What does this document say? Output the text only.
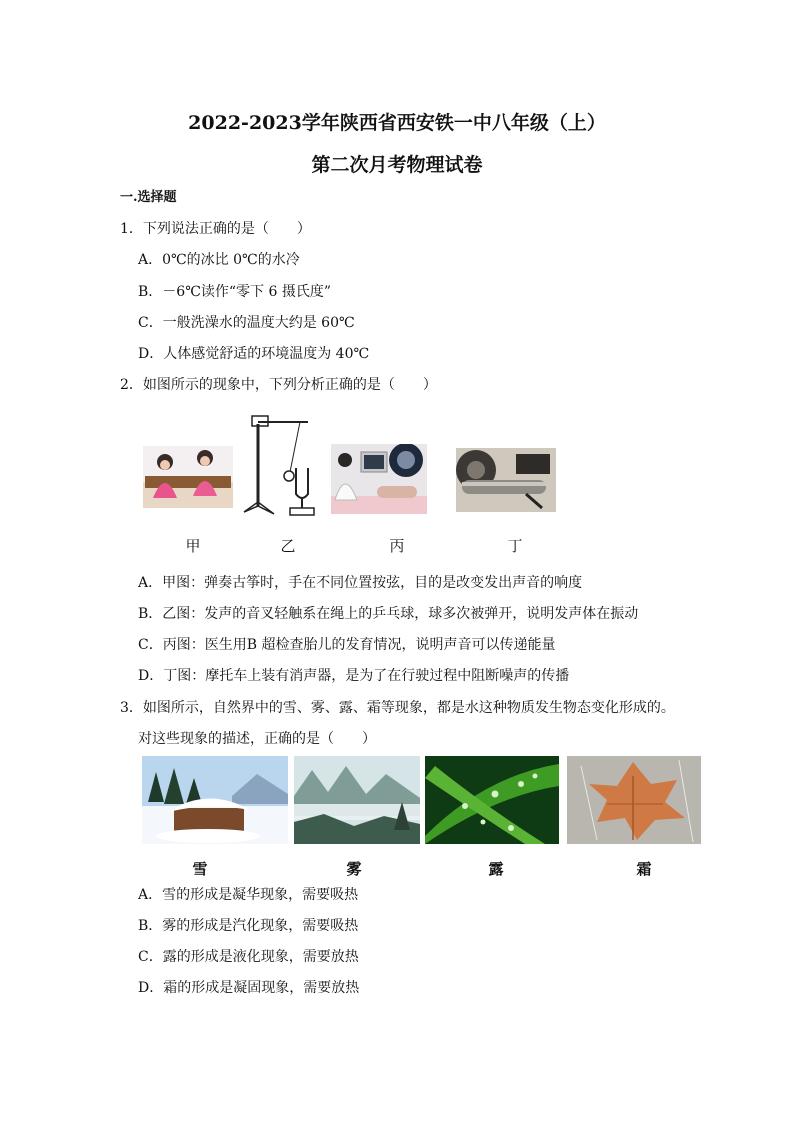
2022-2023学年陕西省西安铁一中八年级（上）
第二次月考物理试卷
一.选择题
1．下列说法正确的是（　　）
A．0℃的冰比 0℃的水冷
B．－6℃读作“零下 6 摄氏度”
C．一般洗澡水的温度大约是 60℃
D．人体感觉舒适的环境温度为 40℃
2．如图所示的现象中，下列分析正确的是（　　）
甲	乙	丙	丁
A．甲图：弹奏古筝时，手在不同位置按弦，目的是改变发出声音的响度
B．乙图：发声的音叉轻触系在绳上的乒乓球，球多次被弹开，说明发声体在振动
C．丙图：医生用B 超检查胎儿的发育情况，说明声音可以传递能量
D．丁图：摩托车上装有消声器，是为了在行驶过程中阻断噪声的传播
3．如图所示，自然界中的雪、雾、露、霜等现象，都是水这种物质发生物态变化形成的。
对这些现象的描述，正确的是（　　）
雪	雾	露	霜
A．雪的形成是凝华现象，需要吸热
B．雾的形成是汽化现象，需要吸热
C．露的形成是液化现象，需要放热
D．霜的形成是凝固现象，需要放热
